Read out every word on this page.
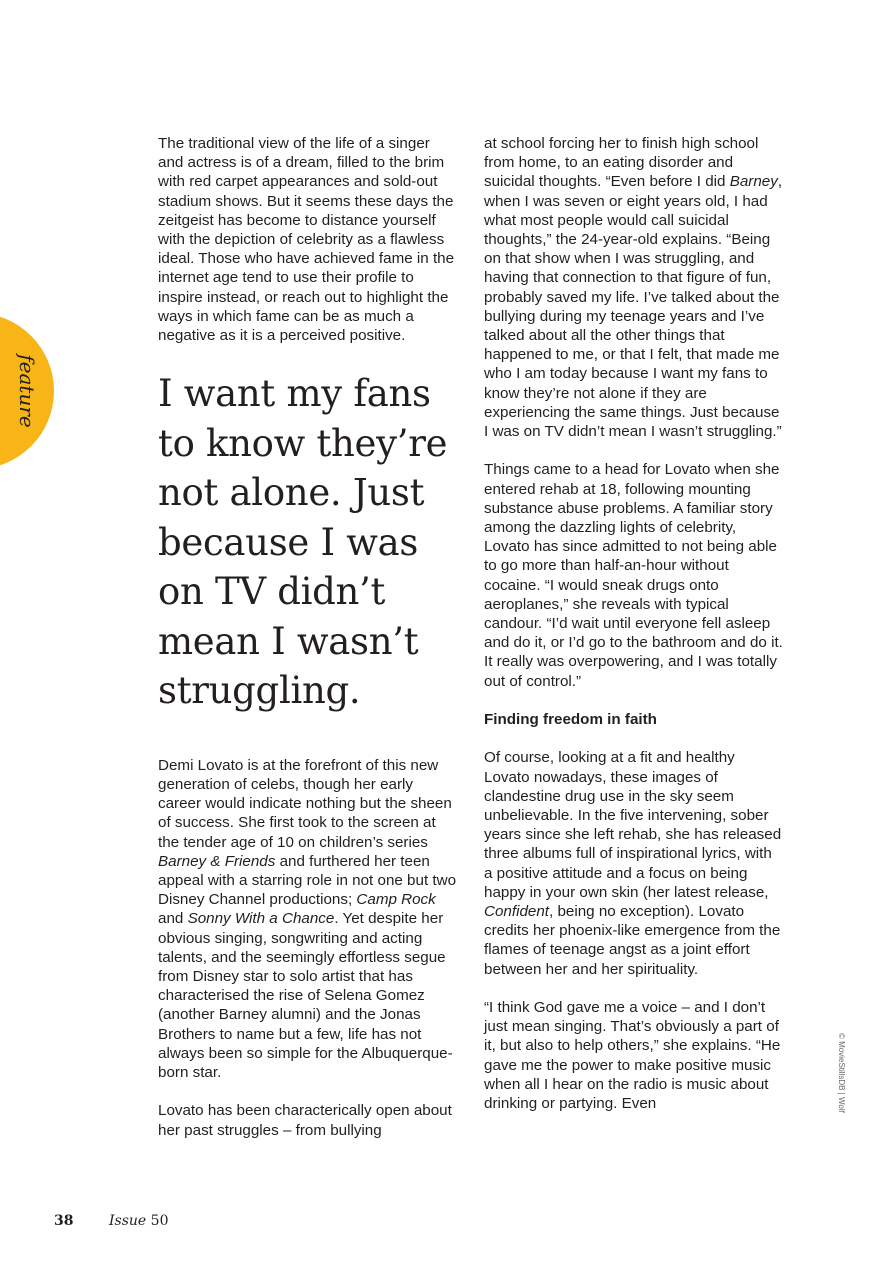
feature

The traditional view of the life of a singer and actress is of a dream, filled to the brim with red carpet appearances and sold-out stadium shows. But it seems these days the zeitgeist has become to distance yourself with the depiction of celebrity as a flawless ideal. Those who have achieved fame in the internet age tend to use their profile to inspire instead, or reach out to highlight the ways in which fame can be as much a negative as it is a perceived positive.

I want my fans to know they’re not alone. Just because I was on TV didn’t mean I wasn’t struggling.

Demi Lovato is at the forefront of this new generation of celebs, though her early career would indicate nothing but the sheen of success. She first took to the screen at the tender age of 10 on children’s series Barney & Friends and furthered her teen appeal with a starring role in not one but two Disney Channel productions; Camp Rock and Sonny With a Chance. Yet despite her obvious singing, songwriting and acting talents, and the seemingly effortless segue from Disney star to solo artist that has characterised the rise of Selena Gomez (another Barney alumni) and the Jonas Brothers to name but a few, life has not always been so simple for the Albuquerque-born star.

Lovato has been characterically open about her past struggles – from bullying

at school forcing her to finish high school from home, to an eating disorder and suicidal thoughts. “Even before I did Barney, when I was seven or eight years old, I had what most people would call suicidal thoughts,” the 24-year-old explains. “Being on that show when I was struggling, and having that connection to that figure of fun, probably saved my life. I’ve talked about the bullying during my teenage years and I’ve talked about all the other things that happened to me, or that I felt, that made me who I am today because I want my fans to know they’re not alone if they are experiencing the same things. Just because I was on TV didn’t mean I wasn’t struggling.”

Things came to a head for Lovato when she entered rehab at 18, following mounting substance abuse problems. A familiar story among the dazzling lights of celebrity, Lovato has since admitted to not being able to go more than half-an-hour without cocaine. “I would sneak drugs onto aeroplanes,” she reveals with typical candour. “I’d wait until everyone fell asleep and do it, or I’d go to the bathroom and do it. It really was overpowering, and I was totally out of control.”

Finding freedom in faith

Of course, looking at a fit and healthy Lovato nowadays, these images of clandestine drug use in the sky seem unbelievable. In the five intervening, sober years since she left rehab, she has released three albums full of inspirational lyrics, with a positive attitude and a focus on being happy in your own skin (her latest release, Confident, being no exception). Lovato credits her phoenix-like emergence from the flames of teenage angst as a joint effort between her and her spirituality.

“I think God gave me a voice – and I don’t just mean singing. That’s obviously a part of it, but also to help others,” she explains. “He gave me the power to make positive music when all I hear on the radio is music about drinking or partying. Even	© MovieStillsDB | Wolf
38	Issue 50
